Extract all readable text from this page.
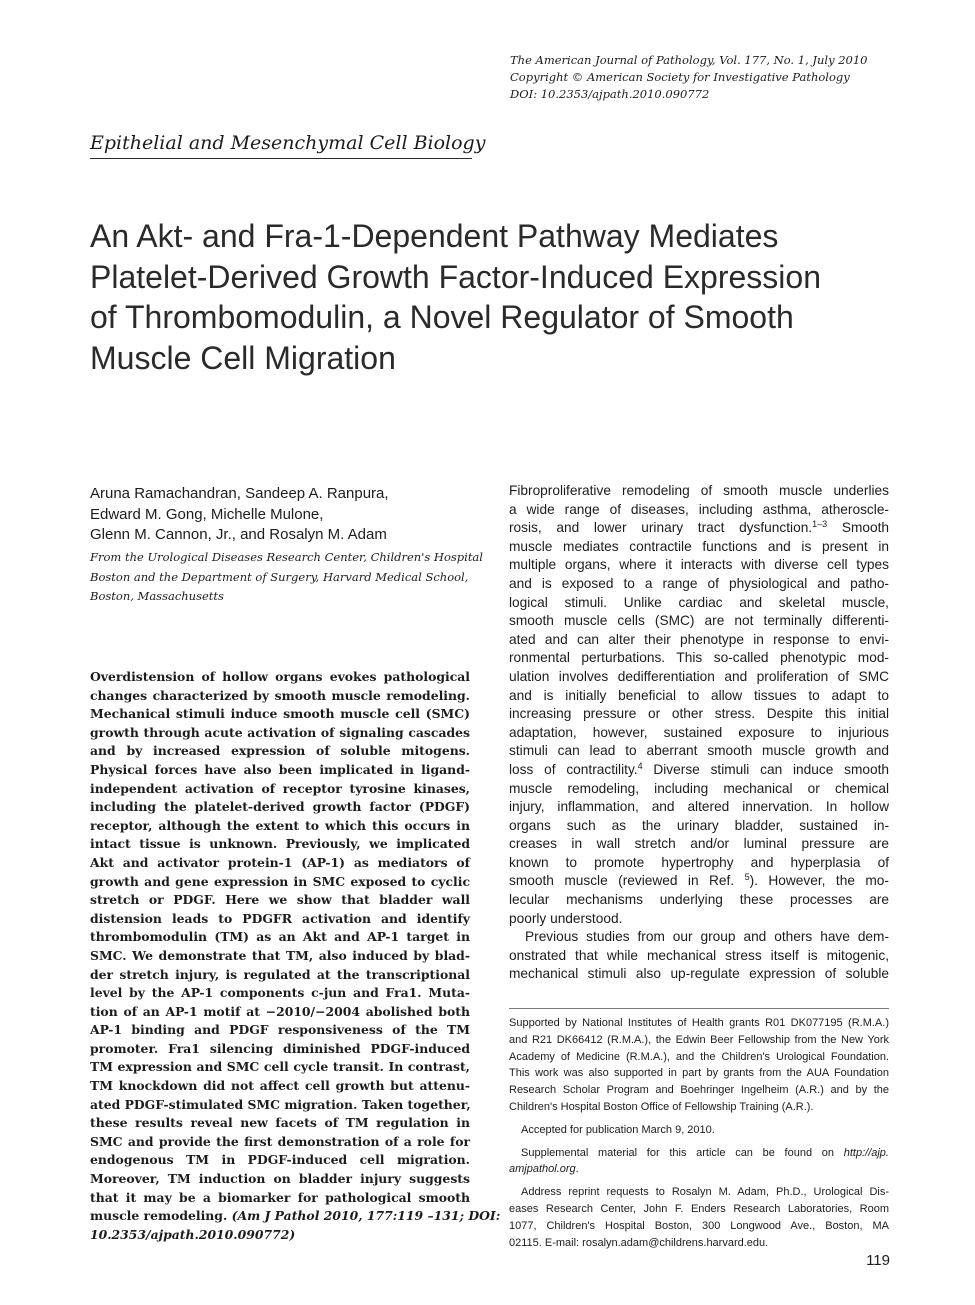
The American Journal of Pathology, Vol. 177, No. 1, July 2010
Copyright © American Society for Investigative Pathology
DOI: 10.2353/ajpath.2010.090772
Epithelial and Mesenchymal Cell Biology
An Akt- and Fra-1-Dependent Pathway Mediates
Platelet-Derived Growth Factor-Induced Expression
of Thrombomodulin, a Novel Regulator of Smooth
Muscle Cell Migration
Aruna Ramachandran, Sandeep A. Ranpura,
Edward M. Gong, Michelle Mulone,
Glenn M. Cannon, Jr., and Rosalyn M. Adam
From the Urological Diseases Research Center, Children's Hospital
Boston and the Department of Surgery, Harvard Medical School,
Boston, Massachusetts
Overdistension of hollow organs evokes pathological
changes characterized by smooth muscle remodeling.
Mechanical stimuli induce smooth muscle cell (SMC)
growth through acute activation of signaling cascades
and by increased expression of soluble mitogens.
Physical forces have also been implicated in ligand-
independent activation of receptor tyrosine kinases,
including the platelet-derived growth factor (PDGF)
receptor, although the extent to which this occurs in
intact tissue is unknown. Previously, we implicated
Akt and activator protein-1 (AP-1) as mediators of
growth and gene expression in SMC exposed to cyclic
stretch or PDGF. Here we show that bladder wall
distension leads to PDGFR activation and identify
thrombomodulin (TM) as an Akt and AP-1 target in
SMC. We demonstrate that TM, also induced by blad-
der stretch injury, is regulated at the transcriptional
level by the AP-1 components c-jun and Fra1. Muta-
tion of an AP-1 motif at −2010/−2004 abolished both
AP-1 binding and PDGF responsiveness of the TM
promoter. Fra1 silencing diminished PDGF-induced
TM expression and SMC cell cycle transit. In contrast,
TM knockdown did not affect cell growth but attenu-
ated PDGF-stimulated SMC migration. Taken together,
these results reveal new facets of TM regulation in
SMC and provide the first demonstration of a role for
endogenous TM in PDGF-induced cell migration.
Moreover, TM induction on bladder injury suggests
that it may be a biomarker for pathological smooth
muscle remodeling. (Am J Pathol 2010, 177:119 –131; DOI:
10.2353/ajpath.2010.090772)
Fibroproliferative remodeling of smooth muscle underlies
a wide range of diseases, including asthma, atheroscle-
rosis, and lower urinary tract dysfunction.$^{1-3}$ Smooth
muscle mediates contractile functions and is present in
multiple organs, where it interacts with diverse cell types
and is exposed to a range of physiological and patho-
logical stimuli. Unlike cardiac and skeletal muscle,
smooth muscle cells (SMC) are not terminally differenti-
ated and can alter their phenotype in response to envi-
ronmental perturbations. This so-called phenotypic mod-
ulation involves dedifferentiation and proliferation of SMC
and is initially beneficial to allow tissues to adapt to
increasing pressure or other stress. Despite this initial
adaptation, however, sustained exposure to injurious
stimuli can lead to aberrant smooth muscle growth and
loss of contractility.$^4$ Diverse stimuli can induce smooth
muscle remodeling, including mechanical or chemical
injury, inflammation, and altered innervation. In hollow
organs such as the urinary bladder, sustained in-
creases in wall stretch and/or luminal pressure are
known to promote hypertrophy and hyperplasia of
smooth muscle (reviewed in Ref. $^5$). However, the mo-
lecular mechanisms underlying these processes are
poorly understood.
Previous studies from our group and others have dem-
onstrated that while mechanical stress itself is mitogenic,
mechanical stimuli also up-regulate expression of soluble
Supported by National Institutes of Health grants R01 DK077195 (R.M.A.)
and R21 DK66412 (R.M.A.), the Edwin Beer Fellowship from the New York
Academy of Medicine (R.M.A.), and the Children's Urological Foundation.
This work was also supported in part by grants from the AUA Foundation
Research Scholar Program and Boehringer Ingelheim (A.R.) and by the
Children's Hospital Boston Office of Fellowship Training (A.R.).
Accepted for publication March 9, 2010.
Supplemental material for this article can be found on http://ajp.
amjpathol.org.
Address reprint requests to Rosalyn M. Adam, Ph.D., Urological Dis-
eases Research Center, John F. Enders Research Laboratories, Room
1077, Children's Hospital Boston, 300 Longwood Ave., Boston, MA
02115. E-mail: rosalyn.adam@childrens.harvard.edu.
119
